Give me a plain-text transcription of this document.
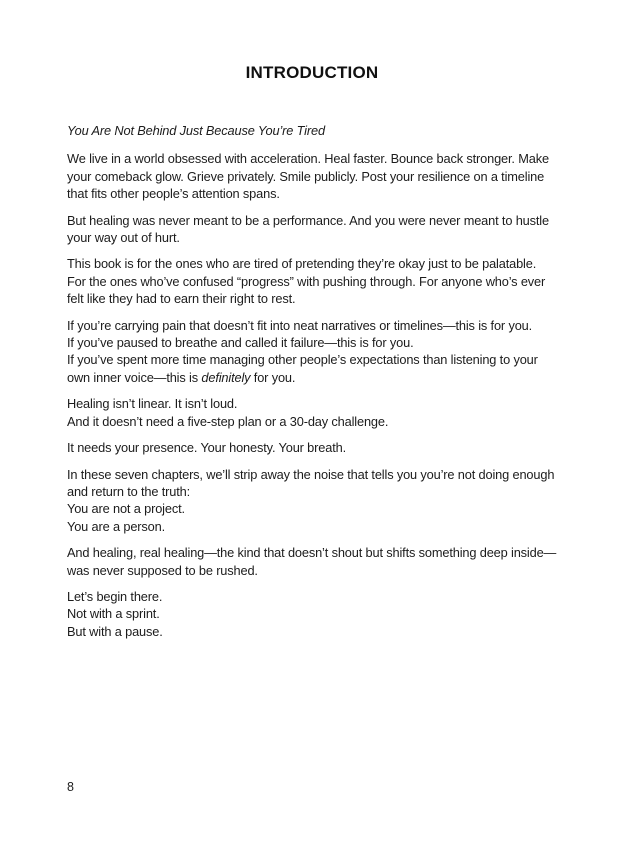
INTRODUCTION

You Are Not Behind Just Because You’re Tired

We live in a world obsessed with acceleration. Heal faster. Bounce back stronger. Make your comeback glow. Grieve privately. Smile publicly. Post your resilience on a timeline that fits other people’s attention spans.

But healing was never meant to be a performance. And you were never meant to hustle your way out of hurt.

This book is for the ones who are tired of pretending they’re okay just to be palatable. For the ones who’ve confused “progress” with pushing through. For anyone who’s ever felt like they had to earn their right to rest.

If you’re carrying pain that doesn’t fit into neat narratives or timelines—this is for you.
If you’ve paused to breathe and called it failure—this is for you.
If you’ve spent more time managing other people’s expectations than listening to your own inner voice—this is definitely for you.

Healing isn’t linear. It isn’t loud.
And it doesn’t need a five-step plan or a 30-day challenge.

It needs your presence. Your honesty. Your breath.

In these seven chapters, we’ll strip away the noise that tells you you’re not doing enough and return to the truth:
You are not a project.
You are a person.

And healing, real healing—the kind that doesn’t shout but shifts something deep inside—was never supposed to be rushed.

Let’s begin there.
Not with a sprint.
But with a pause.

8
